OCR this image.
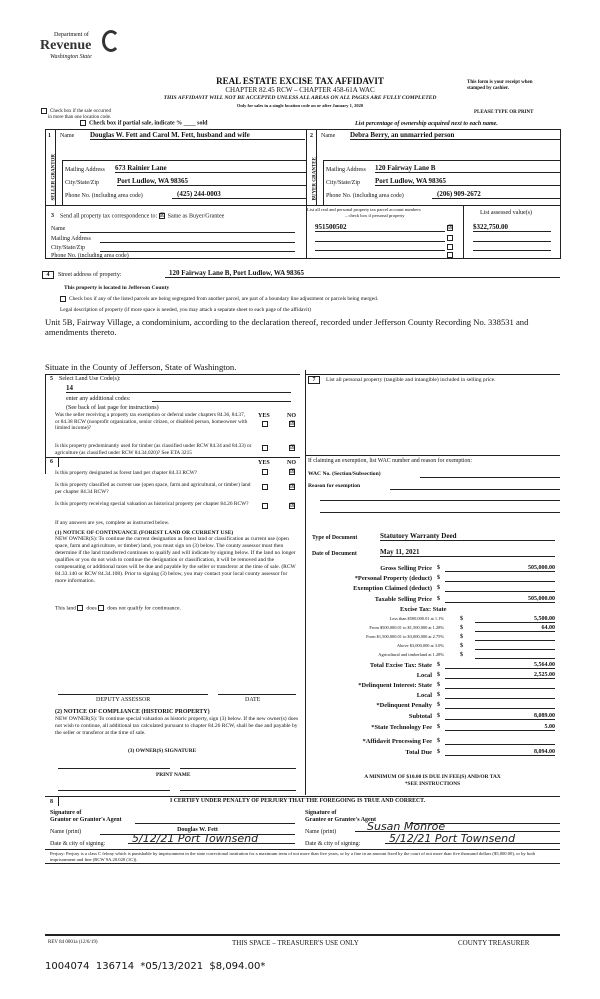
Department of
Revenue
Washington State
REAL ESTATE EXCISE TAX AFFIDAVIT
CHAPTER 82.45 RCW – CHAPTER 458-61A WAC
THIS AFFIDAVIT WILL NOT BE ACCEPTED UNLESS ALL AREAS ON ALL PAGES ARE FULLY COMPLETED
Only for sales in a single location code on or after January 1, 2020
This form is your receipt when
stamped by cashier.
Check box if the sale occurred
in more than one location code.
PLEASE TYPE OR PRINT
Check box if partial sale, indicate % ____ sold	List percentage of ownership acquired next to each name.
1
SELLER GRANTOR
Name Douglas W. Fett and Carol M. Fett, husband and wife
Mailing Address 673 Rainier Lane
City/State/Zip	Port Ludlow, WA 98365
Phone No. (including area code)	(425) 244-0003
2
BUYER GRANTEE
Name Debra Berry, an unmarried person
Mailing Address 120 Fairway Lane B
City/State/Zip Port Ludlow, WA 98365
Phone No. (including area code)	(206) 909-2672
3 Send all property tax correspondence to: ☒ Same as Buyer/Grantee
Name
Mailing Address
City/State/Zip
Phone No. (including area code)
List all real and personal property tax parcel account numbers
– check box if personal property	List assessed value(s)
951500502	☒	$322,750.00
4 Street address of property:	120 Fairway Lane B, Port Ludlow, WA 98365
This property is located in Jefferson County
Check box if any of the listed parcels are being segregated from another parcel, are part of a boundary line adjustment or parcels being merged.
Legal description of property (if more space is needed, you may attach a separate sheet to each page of the affidavit)
Unit 5B, Fairway Village, a condominium, according to the declaration thereof, recorded under Jefferson County Recording No. 338531 and amendments thereto.
Situate in the County of Jefferson, State of Washington.
5 Select Land Use Code(s):
14
enter any additional codes:
(See back of last page for instructions)
YES	NO
Was the seller receiving a property tax exemption or deferral under chapters 84.36, 84.37, or 84.38 RCW (nonprofit organization, senior citizen, or disabled person, homeowner with limited income)?
☒
Is this property predominantly used for timber (as classified under RCW 84.34 and 84.33) or agriculture (as classified under RCW 84.34.020)? See ETA 3215
☒
6	YES	NO
Is this property designated as forest land per chapter 84.33 RCW?	☒
Is this property classified as current use (open space, farm and agricultural, or timber) land per chapter 84.34 RCW?
☒
Is this property receiving special valuation as historical property per chapter 84.26 RCW?	☒
If any answers are yes, complete as instructed below.
(1) NOTICE OF CONTINUANCE (FOREST LAND OR CURRENT USE)
NEW OWNER(S): To continue the current designation as forest land or classification as current use (open space, farm and agriculture, or timber) land, you must sign on (3) below. The county assessor must then determine if the land transferred continues to qualify and will indicate by signing below. If the land no longer qualifies or you do not wish to continue the designation or classification, it will be removed and the compensating or additional taxes will be due and payable by the seller or transferor at the time of sale. (RCW 84.33.140 or RCW 84.34.108). Prior to signing (3) below, you may contact your local county assessor for more information.
This land does does not qualify for continuance.
DEPUTY ASSESSOR	DATE
(2) NOTICE OF COMPLIANCE (HISTORIC PROPERTY)
NEW OWNER(S): To continue special valuation as historic property, sign (3) below. If the new owner(s) does not wish to continue, all additional tax calculated pursuant to chapter 84.26 RCW, shall be due and payable by the seller or transferor at the time of sale.
(3) OWNER(S) SIGNATURE
PRINT NAME
7	List all personal property (tangible and intangible) included in selling price.
If claiming an exemption, list WAC number and reason for exemption:
WAC No. (Section/Subsection)
Reason for exemption
Type of Document	Statutory Warranty Deed
Date of Document	May 11, 2021
Gross Selling Price $	505,000.00
*Personal Property (deduct) $
Exemption Claimed (deduct) $
Taxable Selling Price $	505,000.00
Excise Tax: State
Less than $500,000.01 at 1.1%	$	5,500.00
From $500,000.01 to $1,500,000 at 1.28%	$	64.00
From $1,500,000.01 to $3,000,000 at 2.75%	$
Above $3,000,000 at 3.0%	$
Agricultural and timberland at 1.28%	$
Total Excise Tax: State $	5,564.00
Local $	2,525.00
*Delinquent Interest: State $
Local $
*Delinquent Penalty $
Subtotal $	8,089.00
*State Technology Fee $	5.00
*Affidavit Processing Fee $
Total Due $	8,094.00
A MINIMUM OF $10.00 IS DUE IN FEE(S) AND/OR TAX
*SEE INSTRUCTIONS
8	I CERTIFY UNDER PENALTY OF PERJURY THAT THE FOREGOING IS TRUE AND CORRECT.
Signature of
Grantor or Grantor's Agent
Signature of
Grantee or Grantee's Agent
Name (print)	Douglas W. Fett	Name (print)	Susan Monroe
Date & city of signing:	5/12/21 Port Townsend	Date & city of signing:	5/12/21 Port Townsend
Perjury: Perjury is a class C felony which is punishable by imprisonment in the state correctional institution for a maximum term of not more than five years, or by a fine in an amount fixed by the court of not more than five thousand dollars ($5,000.00), or by both imprisonment and fine (RCW 9A.20.020 (1C)).
REV 84 0001a (12/6/19)	THIS SPACE – TREASURER'S USE ONLY	COUNTY TREASURER
1004074  136714  *05/13/2021  $8,094.00*
